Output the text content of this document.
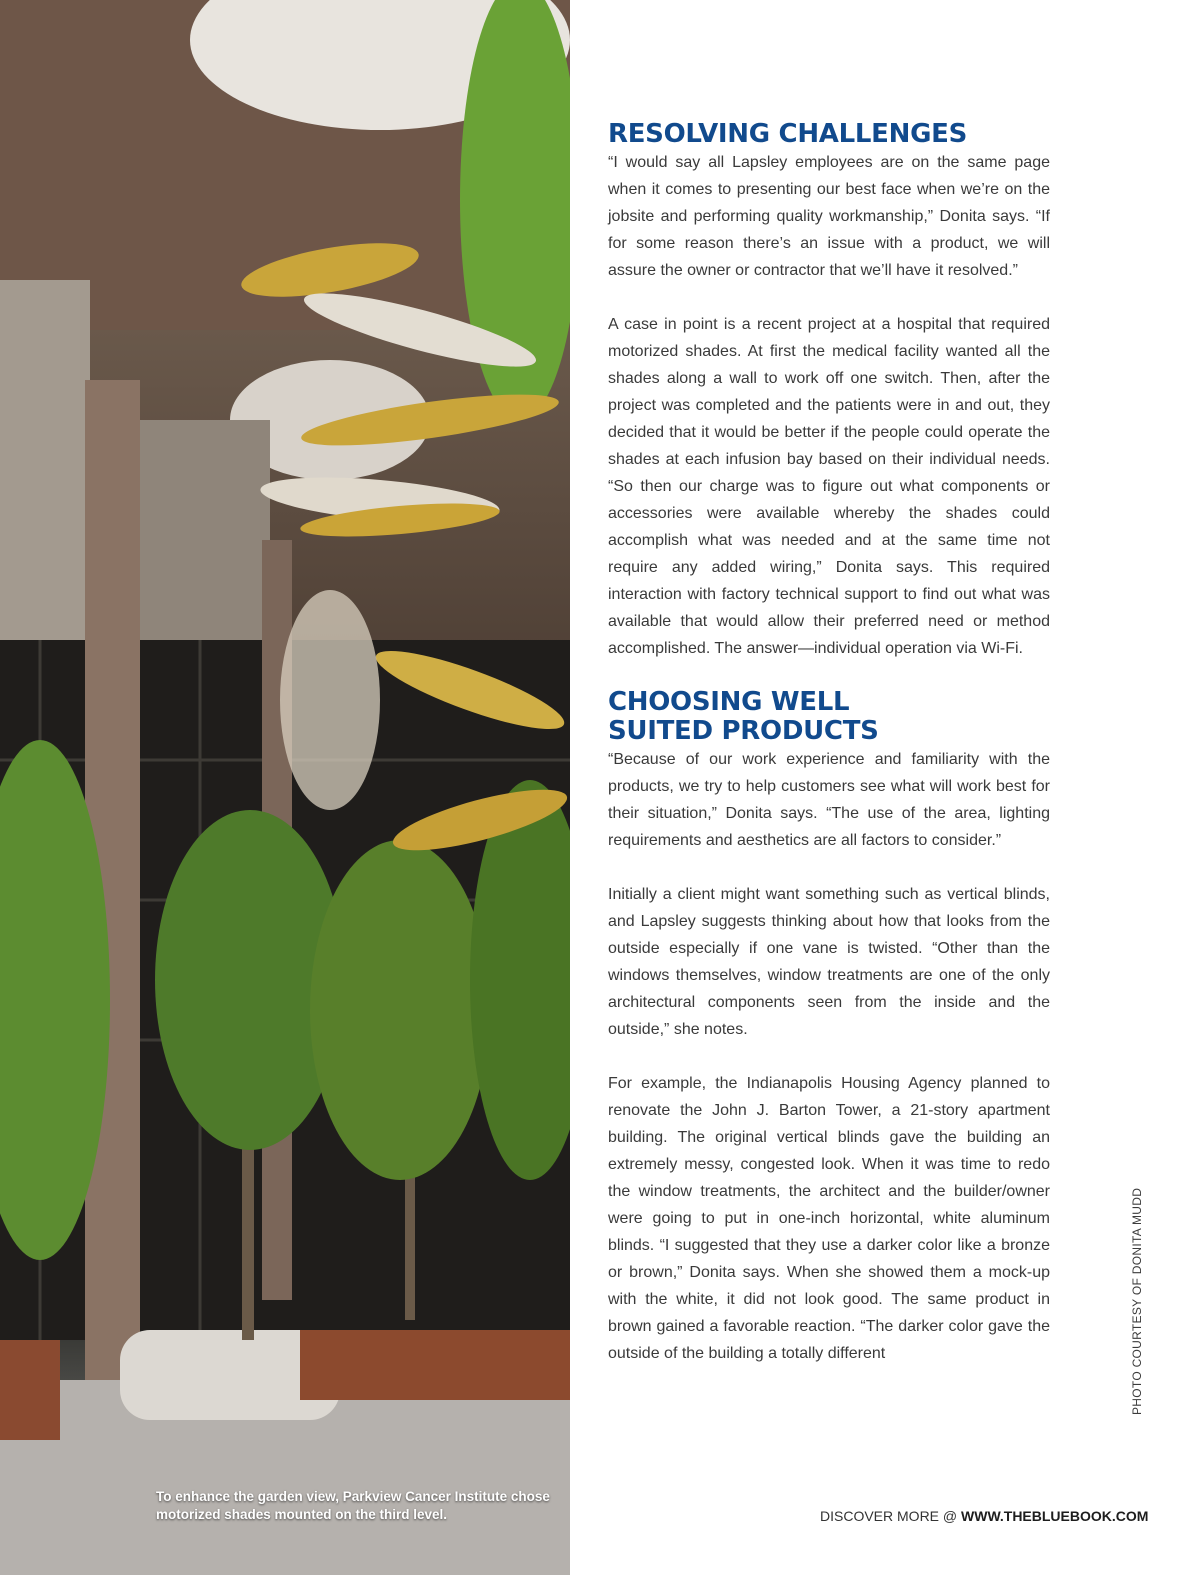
To enhance the garden view, Parkview Cancer Institute chose motorized shades mounted on the third level.
RESOLVING CHALLENGES

“I would say all Lapsley employees are on the same page when it comes to presenting our best face when we’re on the jobsite and performing quality workmanship,” Donita says. “If for some reason there’s an issue with a product, we will assure the owner or contractor that we’ll have it resolved.”

A case in point is a recent project at a hospital that required motorized shades. At first the medical facility wanted all the shades along a wall to work off one switch. Then, after the project was completed and the patients were in and out, they decided that it would be better if the people could operate the shades at each infusion bay based on their individual needs. “So then our charge was to figure out what components or accessories were available whereby the shades could accomplish what was needed and at the same time not require any added wiring,” Donita says. This required interaction with factory technical support to find out what was available that would allow their preferred need or method accomplished. The answer—individual operation via Wi-Fi.

CHOOSING WELL
SUITED PRODUCTS

“Because of our work experience and familiarity with the products, we try to help customers see what will work best for their situation,” Donita says. “The use of the area, lighting requirements and aesthetics are all factors to consider.”

Initially a client might want something such as vertical blinds, and Lapsley suggests thinking about how that looks from the outside especially if one vane is twisted. “Other than the windows themselves, window treatments are one of the only architectural components seen from the inside and the outside,” she notes.

For example, the Indianapolis Housing Agency planned to renovate the John J. Barton Tower, a 21-story apartment building. The original vertical blinds gave the building an extremely messy, congested look. When it was time to redo the window treatments, the architect and the builder/owner were going to put in one-inch horizontal, white aluminum blinds. “I suggested that they use a darker color like a bronze or brown,” Donita says. When she showed them a mock-up with the white, it did not look good. The same product in brown gained a favorable reaction. “The darker color gave the outside of the building a totally different	PHOTO COURTESY OF DONITA MUDD
DISCOVER MORE @ WWW.THEBLUEBOOK.COM
